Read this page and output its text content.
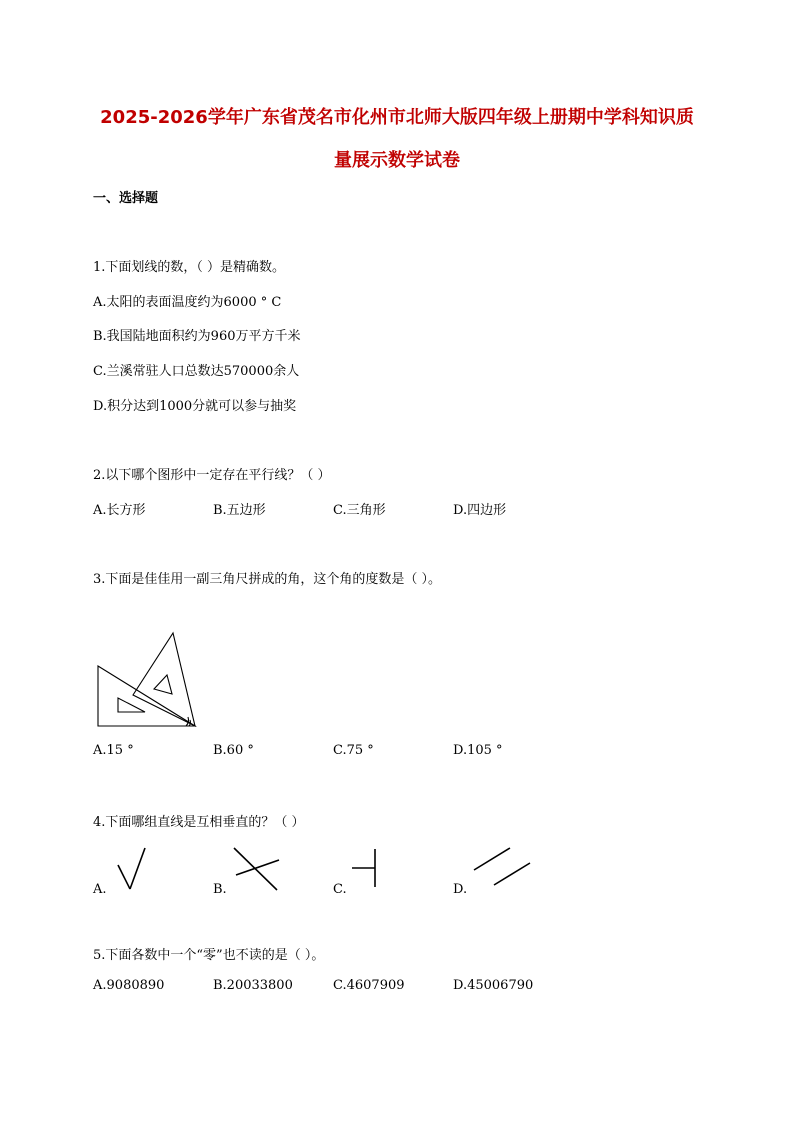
2025-2026学年广东省茂名市化州市北师大版四年级上册期中学科知识质
量展示数学试卷
一、选择题
1.下面划线的数，（ ）是精确数。
A.太阳的表面温度约为6000 ° C
B.我国陆地面积约为960万平方千米
C.兰溪常驻人口总数达570000余人
D.积分达到1000分就可以参与抽奖
2.以下哪个图形中一定存在平行线？（ ）
A.长方形	B.五边形	C.三角形	D.四边形
3.下面是佳佳用一副三角尺拼成的角，这个角的度数是（ ）。
A.15 °	B.60 °	C.75 °	D.105 °
4.下面哪组直线是互相垂直的？（ ）
A.	B.	C.	D.
5.下面各数中一个“零”也不读的是（ ）。
A.9080890	B.20033800	C.4607909	D.45006790
